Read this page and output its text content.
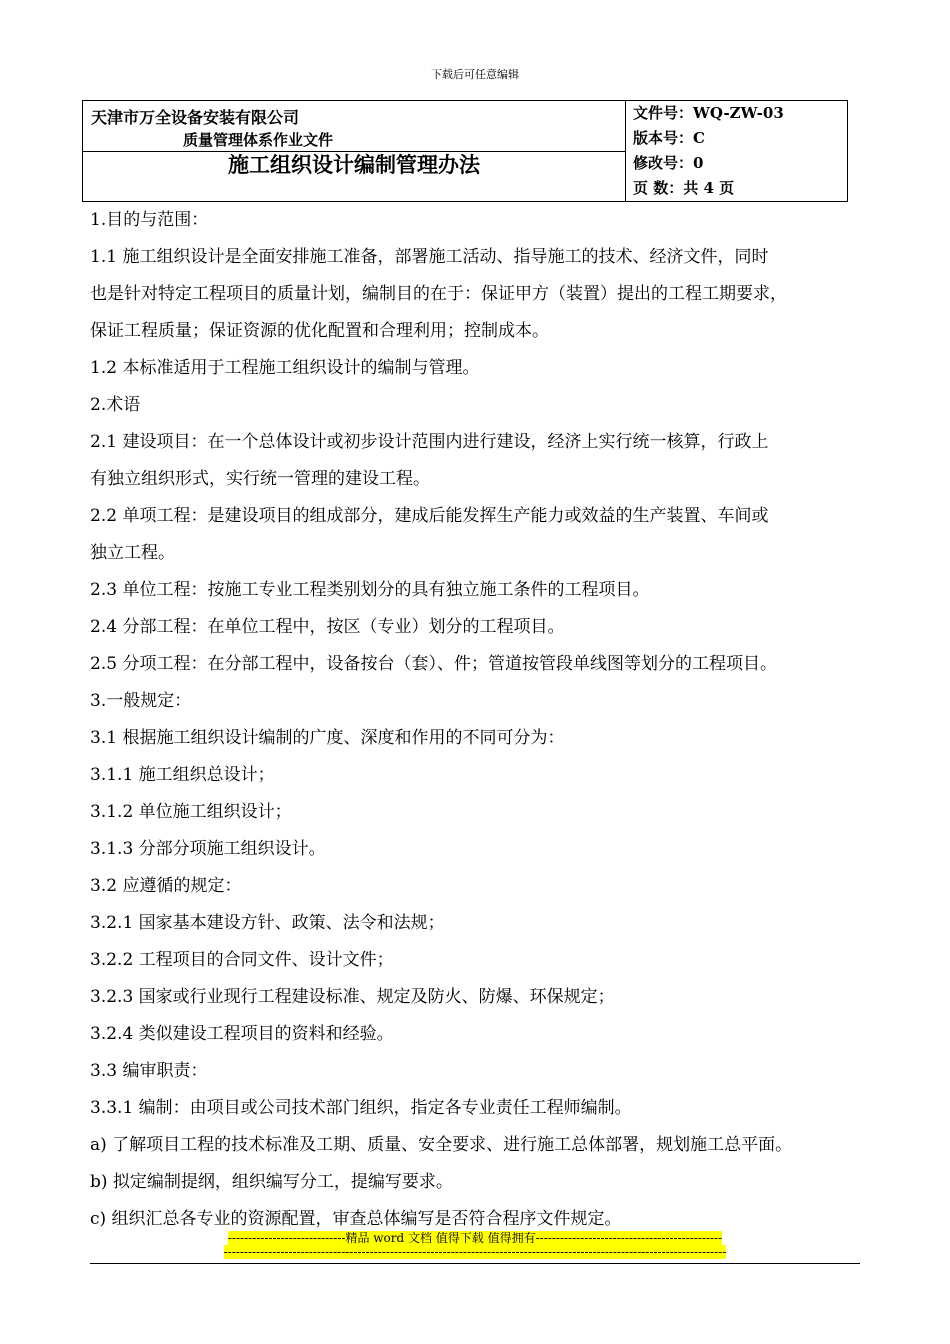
下载后可任意编辑
天津市万全设备安装有限公司
质量管理体系作业文件
施工组织设计编制管理办法
文件号：WQ-ZW-03
版本号：C
修改号：0
页 数：共 4 页

1.目的与范围：

1.1 施工组织设计是全面安排施工准备，部署施工活动、指导施工的技术、经济文件，同时

也是针对特定工程项目的质量计划，编制目的在于：保证甲方（装置）提出的工程工期要求，

保证工程质量；保证资源的优化配置和合理利用；控制成本。

1.2 本标准适用于工程施工组织设计的编制与管理。

2.术语

2.1 建设项目：在一个总体设计或初步设计范围内进行建设，经济上实行统一核算，行政上

有独立组织形式，实行统一管理的建设工程。

2.2 单项工程：是建设项目的组成部分，建成后能发挥生产能力或效益的生产装置、车间或

独立工程。

2.3 单位工程：按施工专业工程类别划分的具有独立施工条件的工程项目。

2.4 分部工程：在单位工程中，按区（专业）划分的工程项目。

2.5 分项工程：在分部工程中，设备按台（套）、件；管道按管段单线图等划分的工程项目。

3.一般规定：

3.1 根据施工组织设计编制的广度、深度和作用的不同可分为：

3.1.1 施工组织总设计；

3.1.2 单位施工组织设计；

3.1.3 分部分项施工组织设计。

3.2 应遵循的规定：

3.2.1 国家基本建设方针、政策、法令和法规；

3.2.2 工程项目的合同文件、设计文件；

3.2.3 国家或行业现行工程建设标准、规定及防火、防爆、环保规定；

3.2.4 类似建设工程项目的资料和经验。

3.3 编审职责：

3.3.1 编制：由项目或公司技术部门组织，指定各专业责任工程师编制。

a) 了解项目工程的技术标准及工期、质量、安全要求、进行施工总体部署，规划施工总平面。

b) 拟定编制提纲，组织编写分工，提编写要求。

c) 组织汇总各专业的资源配置，审查总体编写是否符合程序文件规定。

-----------------------------精品 word 文档 值得下载 值得拥有----------------------------------------------
----------------------------------------------------------------------------------------------------------------------------
